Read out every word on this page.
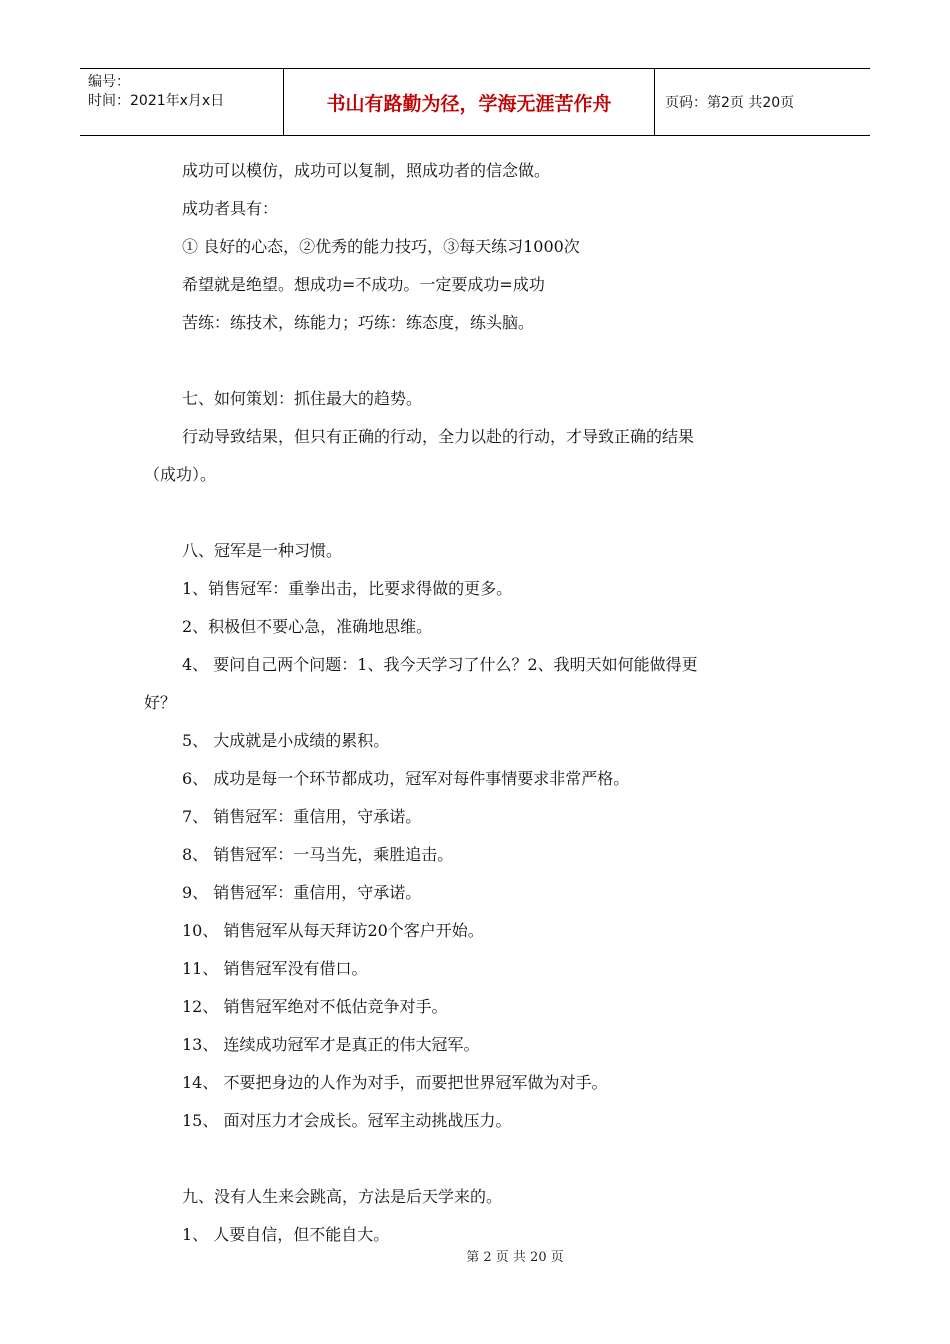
编号：
时间：2021年x月x日	书山有路勤为径，学海无涯苦作舟	页码：第2页 共20页

成功可以模仿，成功可以复制，照成功者的信念做。

成功者具有：

① 良好的心态，②优秀的能力技巧，③每天练习1000次

希望就是绝望。想成功=不成功。一定要成功=成功

苦练：练技术，练能力；巧练：练态度，练头脑。

七、如何策划：抓住最大的趋势。

行动导致结果，但只有正确的行动，全力以赴的行动，才导致正确的结果

（成功）。

八、冠军是一种习惯。

1、销售冠军：重拳出击，比要求得做的更多。

2、积极但不要心急，准确地思维。

4、 要问自己两个问题：1、我今天学习了什么？2、我明天如何能做得更

好？

5、 大成就是小成绩的累积。

6、 成功是每一个环节都成功，冠军对每件事情要求非常严格。

7、 销售冠军：重信用，守承诺。

8、 销售冠军：一马当先，乘胜追击。

9、 销售冠军：重信用，守承诺。

10、 销售冠军从每天拜访20个客户开始。

11、 销售冠军没有借口。

12、 销售冠军绝对不低估竞争对手。

13、 连续成功冠军才是真正的伟大冠军。

14、 不要把身边的人作为对手，而要把世界冠军做为对手。

15、 面对压力才会成长。冠军主动挑战压力。

九、没有人生来会跳高，方法是后天学来的。

1、 人要自信，但不能自大。

第 2 页 共 20 页
